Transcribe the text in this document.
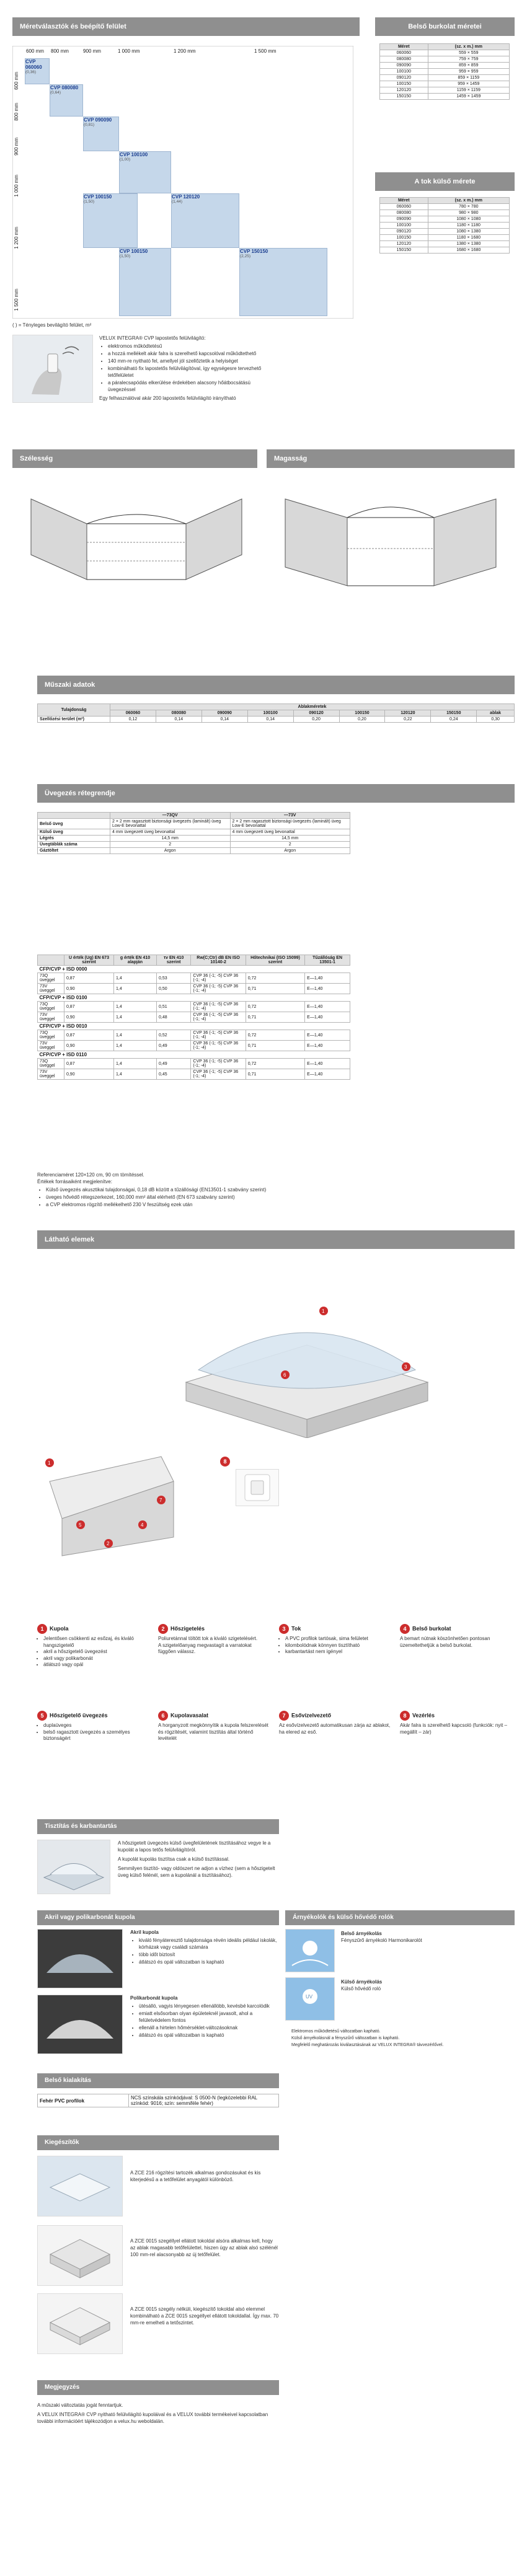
Méretválasztók és beépítő felület
600 mm 800 mm	900 mm	1 000 mm	1 200 mm	1 500 mm
600 mm
800 mm
900 mm
1 000 mm
1 200 mm
1 500 mm
CVP 060060
(0,36)
CVP 080080
(0,64)
CVP 090090
(0,81)
CVP 100100
(1,00)
CVP 100150
(1,50)
CVP 120120
(1,44)
CVP 100150
(1,50)
CVP 150150
(2,25)
( ) = Tényleges bevilágító felület, m²
Belső burkolat méretei
Méret	(sz. x m.) mm
060060	559 × 559
080080	759 × 759
090090	859 × 859
100100	959 × 959
090120	859 × 1159
100150	959 × 1459
120120	1159 × 1159
150150	1459 × 1459
A tok külső mérete
Méret	(sz. x m.) mm
060060	780 × 780
080080	980 × 980
090090	1080 × 1080
100100	1180 × 1180
090120	1080 × 1380
100150	1180 × 1680
120120	1380 × 1380
150150	1680 × 1680
VELUX INTEGRA® CVP lapostetős felülvilágító:
• elektromos működtetésű
• a hozzá mellékelt akár falra is szerelhető kapcsolóval működtethető
• 140 mm-re nyitható fel, amellyel jól szellőztetik a helyiséget
• kombinálható fix lapostetős felülvilágítóval, így egységesre tervezhető tetőfelületet
• a páralecsapódás elkerülése érdekében alacsony hőátbocsátású üvegezéssel
Egy felhasználóval akár 200 lapostetős felülvilágító irányítható
Szélesség	Magasság
Műszaki adatok
Tulajdonság	Ablakméretek								
	060060	080080	090090	100100	090120	100150	120120	150150	ablak
Szellőzési terület (m²)	0,12	0,14	0,14	0,14	0,20	0,20	0,22	0,24	0,30
Üvegezés rétegrendje
	—73QV	—73V
Belső üveg	2 × 2 mm ragasztott biztonsági üvegezés (laminált) üveg Low-E bevonattal	2 × 2 mm ragasztott biztonsági üvegezés (laminált) üveg Low-E bevonattal
Külső üveg	4 mm üvegezett üveg bevonattal	4 mm üvegezett üveg bevonattal
Légrés	14,5 mm	14,5 mm
Üvegtáblák száma	2	2
Gáztöltet	Argon	Argon
	U érték (Ug) EN 673 szerint	g érték EN 410 alapján	τv EN 410 szerint	Rw(C;Ctr) dB EN ISO 10140-2	Hőtechnikai (ISO 15099) szerint	Tűzállóság EN 13501-1
CFP/CVP + ISD 0000						
73Q üveggel	0,87	1,4	0,53	CVP 36 (-1; -5) CVP 36 (-1; -4)	0,72	E—1,40
73V üveggel	0,90	1,4	0,50	CVP 36 (-1; -5) CVP 36 (-1; -4)	0,71	E—1,40
CFP/CVP + ISD 0100						
73Q üveggel	0,87	1,4	0,51	CVP 36 (-1; -5) CVP 36 (-1; -4)	0,72	E—1,40
73V üveggel	0,90	1,4	0,48	CVP 36 (-1; -5) CVP 36 (-1; -4)	0,71	E—1,40
CFP/CVP + ISD 0010						
73Q üveggel	0,87	1,4	0,52	CVP 36 (-1; -5) CVP 36 (-1; -4)	0,72	E—1,40
73V üveggel	0,90	1,4	0,49	CVP 36 (-1; -5) CVP 36 (-1; -4)	0,71	E—1,40
CFP/CVP + ISD 0110						
73Q üveggel	0,87	1,4	0,49	CVP 36 (-1; -5) CVP 36 (-1; -4)	0,72	E—1,40
73V üveggel	0,90	1,4	0,45	CVP 36 (-1; -5) CVP 36 (-1; -4)	0,71	E—1,40
Referenciaméret 120×120 cm, 90 cm tömítéssel.
Értékek forrásaiként megjelenítve:
• Külső üvegezés akusztikai tulajdonságai, 0,18 dB között a tűzállósági (EN13501-1 szabvány szerint)
• üveges hővédő rétegszerkezet, 160,000 mm² által elérhető (EN 673 szabvány szerint)
• a CVP elektromos rögzítő mellékelhető 230 V feszültség ezek után
Látható elemek
1
6
3
1
5
2
4
7
8
1 Kupola
• Jelentősen csökkenti az esőzaj, és kiváló hangszigetelő
• akril a hőszigetelő üvegezést
• akril vagy polikarbonát
• átlátszó vagy opál
2 Hőszigetelés
Poliuretánnal töltött tok a kiváló szigetelésért.
A szigetelőanyag megvastagít a varratokat függően válassz.
3 Tok
• A PVC profilok tartósak, sima felületet
• kilombolódnak könnyen tisztítható
• karbantartást nem igényel
4 Belső burkolat
A bemart nútnak köszönhetően pontosan üzemeltethetjük a belső burkolat.
5 Hőszigetelő üvegezés
• duplaüveges
• belső ragasztott üvegezés a személyes biztonságért
6 Kupolavasalat
A horganyzott megkönnyítik a kupola felszerelését és rögzítését, valamint tisztítás által történő levételét
7 Esővízelvezető
Az esővízelvezető automatikusan zárja az ablakot, ha elered az eső.
8 Vezérlés
Akár falra is szerelhető kapcsoló (funkciók: nyit – megállít – zár)
Tisztítás és karbantartás
A hőszigetelt üvegezés külső üvegfelületének tisztításához vegye le a kupolát a lapos tetős felülvilágítóról.
A kupolát kupolás tisztítsa csak a külső tisztítással.
Semmilyen tisztító- vagy oldószert ne adjon a vízhez (sem a hőszigetelt üveg külső felénél, sem a kupolánál a tisztításához).
Akril vagy polikarbonát kupola
Akril kupola
• kiváló fényáteresztő tulajdonsága révén ideális például iskolák, kórházak vagy családi számára
• több időt biztosít
• átlátszó és opál változatban is kapható
Polikarbonát kupola
• ütésálló, vagyis lényegesen ellenállóbb, kevésbé karcolódik
• emiatt elsősorban olyan épületeknél javasolt, ahol a felületvédelem fontos
• ellenáll a hirtelen hőmérséklet-változásoknak
• átlátszó és opál változatban is kapható
Árnyékolók és külső hővédő rolók
Belső árnyékolás
Fényszűrő árnyékoló Harmonikarolót
UV
Külső árnyékolás
Külső hővédő roló
Elektromos működtetésű változatban kapható.
Külső árnyékolásnál a fényszűrő változatban is kapható.
Megfelelő meghatározás kiválasztásának az VELUX INTEGRA® távvezérlővel.
Belső kialakítás
Fehér PVC profilok	NCS színskála színkódjával: S 0500-N (legközelebbi RAL színkód: 9016; szín: semmiféle fehér)
Kiegészítők
A ZCE 216 rögzítési tartozék alkalmas gondozásukat és kis kiterjedésű a a tetőfelület anyagától különböző.
A ZCE 0015 szegéllyel ellátott tokoldal alsóra alkalmas kell, hogy az ablak magasabb tetőfelülettel, hiszen úgy az ablak alsó szélénél 100 mm-rel alacsonyabb az új tetőfelület.
A ZCE 0015 szegély nélküli, kiegészítő tokoldal alsó elemmel kombinálható a ZCE 0015 szegéllyel ellátott tokoldallal. Így max. 70 mm-re emelheti a tetőszintet.
Megjegyzés
A műszaki változtatás jogát fenntartjuk.
A VELUX INTEGRA® CVP nyitható felülvilágító kupoláival és a VELUX további termékeivel kapcsolatban további információért tájékozódjon a velux.hu weboldalán.
